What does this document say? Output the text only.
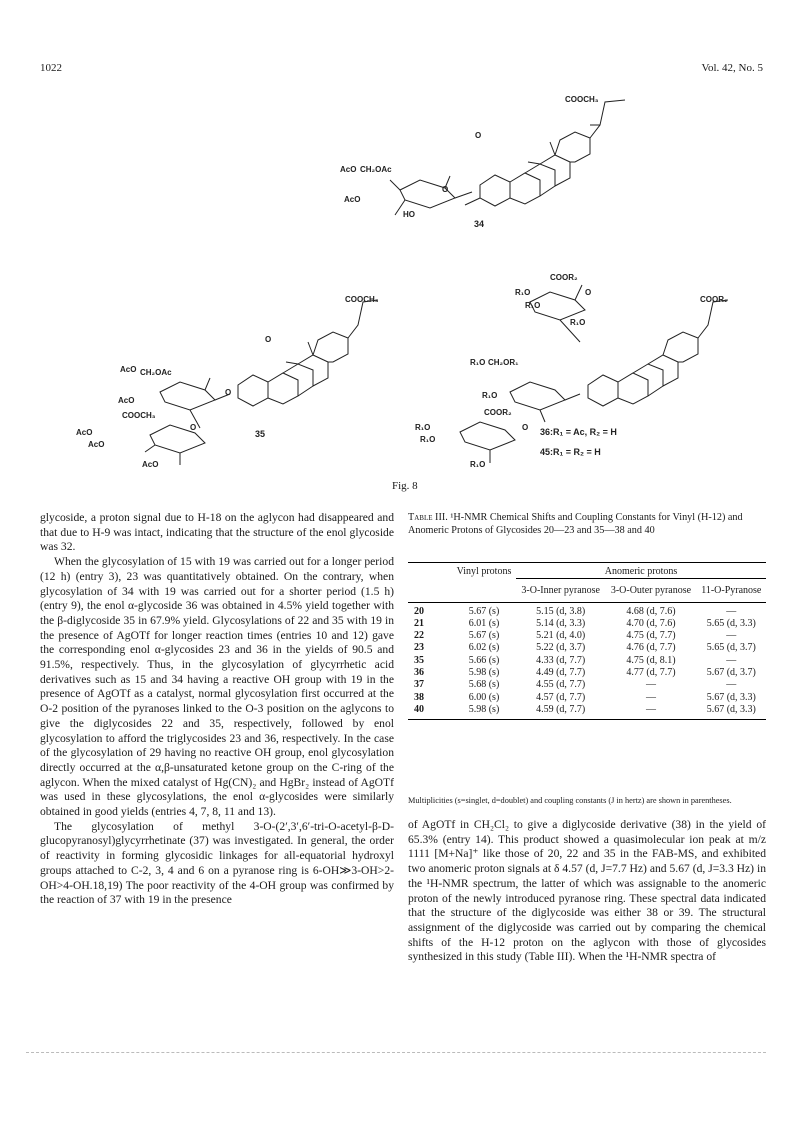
1022	Vol. 42, No. 5
AcO CH₂OAc
AcO
HO
O
O
COOCH₃
34
AcO CH₂OAc
AcO
COOCH₃
AcO
AcO
AcO
O
O
O
COOCH₃
35
COOR₂
R₁O
R₁O
R₁O
O
COOR₂
R₁O CH₂OR₁
R₁O
COOR₂
R₁O
R₁O
R₁O
O 36:R₁ = Ac, R₂ = H
45:R₁ = R₂ = H
Fig. 8

glycoside, a proton signal due to H-18 on the aglycon had disappeared and that due to H-9 was intact, indicating that the structure of the enol glycoside was 32.

When the glycosylation of 15 with 19 was carried out for a longer period (12 h) (entry 3), 23 was quantitatively obtained. On the contrary, when glycosylation of 34 with 19 was carried out for a shorter period (1.5 h) (entry 9), the enol α-glycoside 36 was obtained in 4.5% yield together with the β-diglycoside 35 in 67.9% yield. Glycosylations of 22 and 35 with 19 in the presence of AgOTf for longer reaction times (entries 10 and 12) gave the corresponding enol α-glycosides 23 and 36 in the yields of 90.5 and 91.5%, respectively. Thus, in the glycosylation of glycyrrhetic acid derivatives such as 15 and 34 having a reactive OH group with 19 in the presence of AgOTf as a catalyst, normal glycosylation first occurred at the O-2 position of the pyranoses linked to the O-3 position on the aglycons to give the diglycosides 22 and 35, respectively, followed by enol glycosylation to afford the triglycosides 23 and 36, respectively. In the case of the glycosylation of 29 having no reactive OH group, enol glycosylation directly occurred at the α,β-unsaturated ketone group on the C-ring of the aglycon. When the mixed catalyst of Hg(CN)₂ and HgBr₂ instead of AgOTf was used in these glycosylations, the enol α-glycosides were similarly obtained in good yields (entries 4, 7, 8, 11 and 13).

The glycosylation of methyl 3-O-(2′,3′,6′-tri-O-acetyl-β-D-glucopyranosyl)glycyrrhetinate (37) was investigated. In general, the order of reactivity in forming glycosidic linkages for all-equatorial hydroxyl groups attached to C-2, 3, 4 and 6 on a pyranose ring is 6-OH≫3-OH>2-OH>4-OH.18,19) The poor reactivity of the 4-OH group was confirmed by the reaction of 37 with 19 in the presence

Table III. ¹H-NMR Chemical Shifts and Coupling Constants for Vinyl (H-12) and Anomeric Protons of Glycosides 20—23 and 35—38 and 40

	Vinyl protons	Anomeric protons		
		3-O-Inner pyranose	3-O-Outer pyranose	11-O-Pyranose

20	5.67 (s)	5.15 (d, 3.8)	4.68 (d, 7.6)	—
21	6.01 (s)	5.14 (d, 3.3)	4.70 (d, 7.6)	5.65 (d, 3.3)
22	5.67 (s)	5.21 (d, 4.0)	4.75 (d, 7.7)	—
23	6.02 (s)	5.22 (d, 3.7)	4.76 (d, 7.7)	5.65 (d, 3.7)
35	5.66 (s)	4.33 (d, 7.7)	4.75 (d, 8.1)	—
36	5.98 (s)	4.49 (d, 7.7)	4.77 (d, 7.7)	5.67 (d, 3.7)
37	5.68 (s)	4.55 (d, 7.7)	—	—
38	6.00 (s)	4.57 (d, 7.7)	—	5.67 (d, 3.3)
40	5.98 (s)	4.59 (d, 7.7)	—	5.67 (d, 3.3)

Multiplicities (s=singlet, d=doublet) and coupling constants (J in hertz) are shown in parentheses.

of AgOTf in CH₂Cl₂ to give a diglycoside derivative (38) in the yield of 65.3% (entry 14). This product showed a quasimolecular ion peak at m/z 1111 [M+Na]⁺ like those of 20, 22 and 35 in the FAB-MS, and exhibited two anomeric proton signals at δ 4.57 (d, J=7.7 Hz) and 5.67 (d, J=3.3 Hz) in the ¹H-NMR spectrum, the latter of which was assignable to the anomeric proton of the newly introduced pyranose ring. These spectral data indicated that the structure of the diglycoside was either 38 or 39. The structural assignment of the diglycoside was carried out by comparing the chemical shifts of the H-12 proton on the aglycon with those of glycosides synthesized in this study (Table III). When the ¹H-NMR spectra of
